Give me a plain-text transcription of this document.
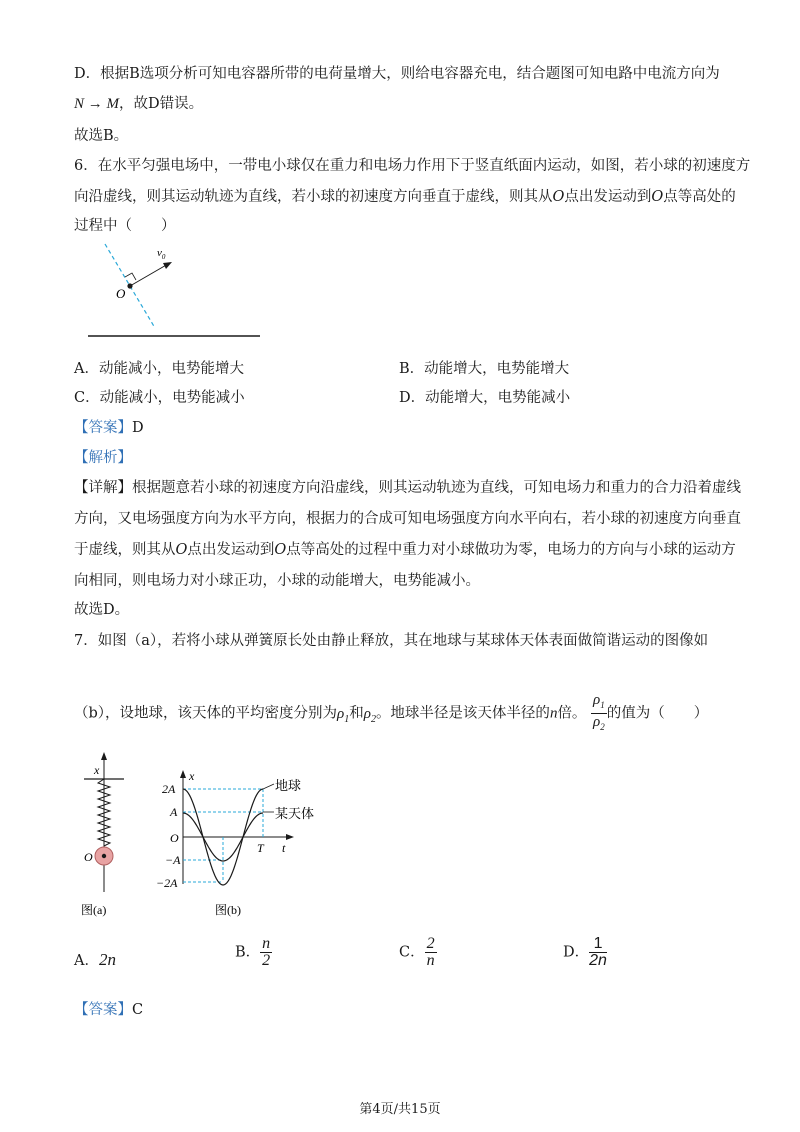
D．根据B选项分析可知电容器所带的电荷量增大，则给电容器充电，结合题图可知电路中电流方向为
N → M，故D错误。
故选B。
6．在水平匀强电场中，一带电小球仅在重力和电场力作用下于竖直纸面内运动，如图，若小球的初速度方
向沿虚线，则其运动轨迹为直线，若小球的初速度方向垂直于虚线，则其从O点出发运动到O点等高处的
过程中（　　）
O
$v_0$
A．动能减小，电势能增大	B．动能增大，电势能增大
C．动能减小，电势能减小	D．动能增大，电势能减小
【答案】D
【解析】
【详解】根据题意若小球的初速度方向沿虚线，则其运动轨迹为直线，可知电场力和重力的合力沿着虚线
方向，又电场强度方向为水平方向，根据力的合成可知电场强度方向水平向右，若小球的初速度方向垂直
于虚线，则其从O点出发运动到O点等高处的过程中重力对小球做功为零，电场力的方向与小球的运动方
向相同，则电场力对小球正功，小球的动能增大，电势能减小。
故选D。
7．如图（a），若将小球从弹簧原长处由静止释放，其在地球与某球体天体表面做简谐运动的图像如
（b），设地球，该天体的平均密度分别为$\rho_1$和$\rho_2$。地球半径是该天体半径的n倍。 $\frac{\rho_1}{\rho_2}$ 的值为（　　）
x
O
图(a)
x
t
O
T
2A
A
−A
−2A
地球
某天体
图(b)
A．2n	B． $\frac{n}{2}$	C． $\frac{2}{n}$	D． $\frac{1}{2n}$
【答案】C
第4页/共15页
